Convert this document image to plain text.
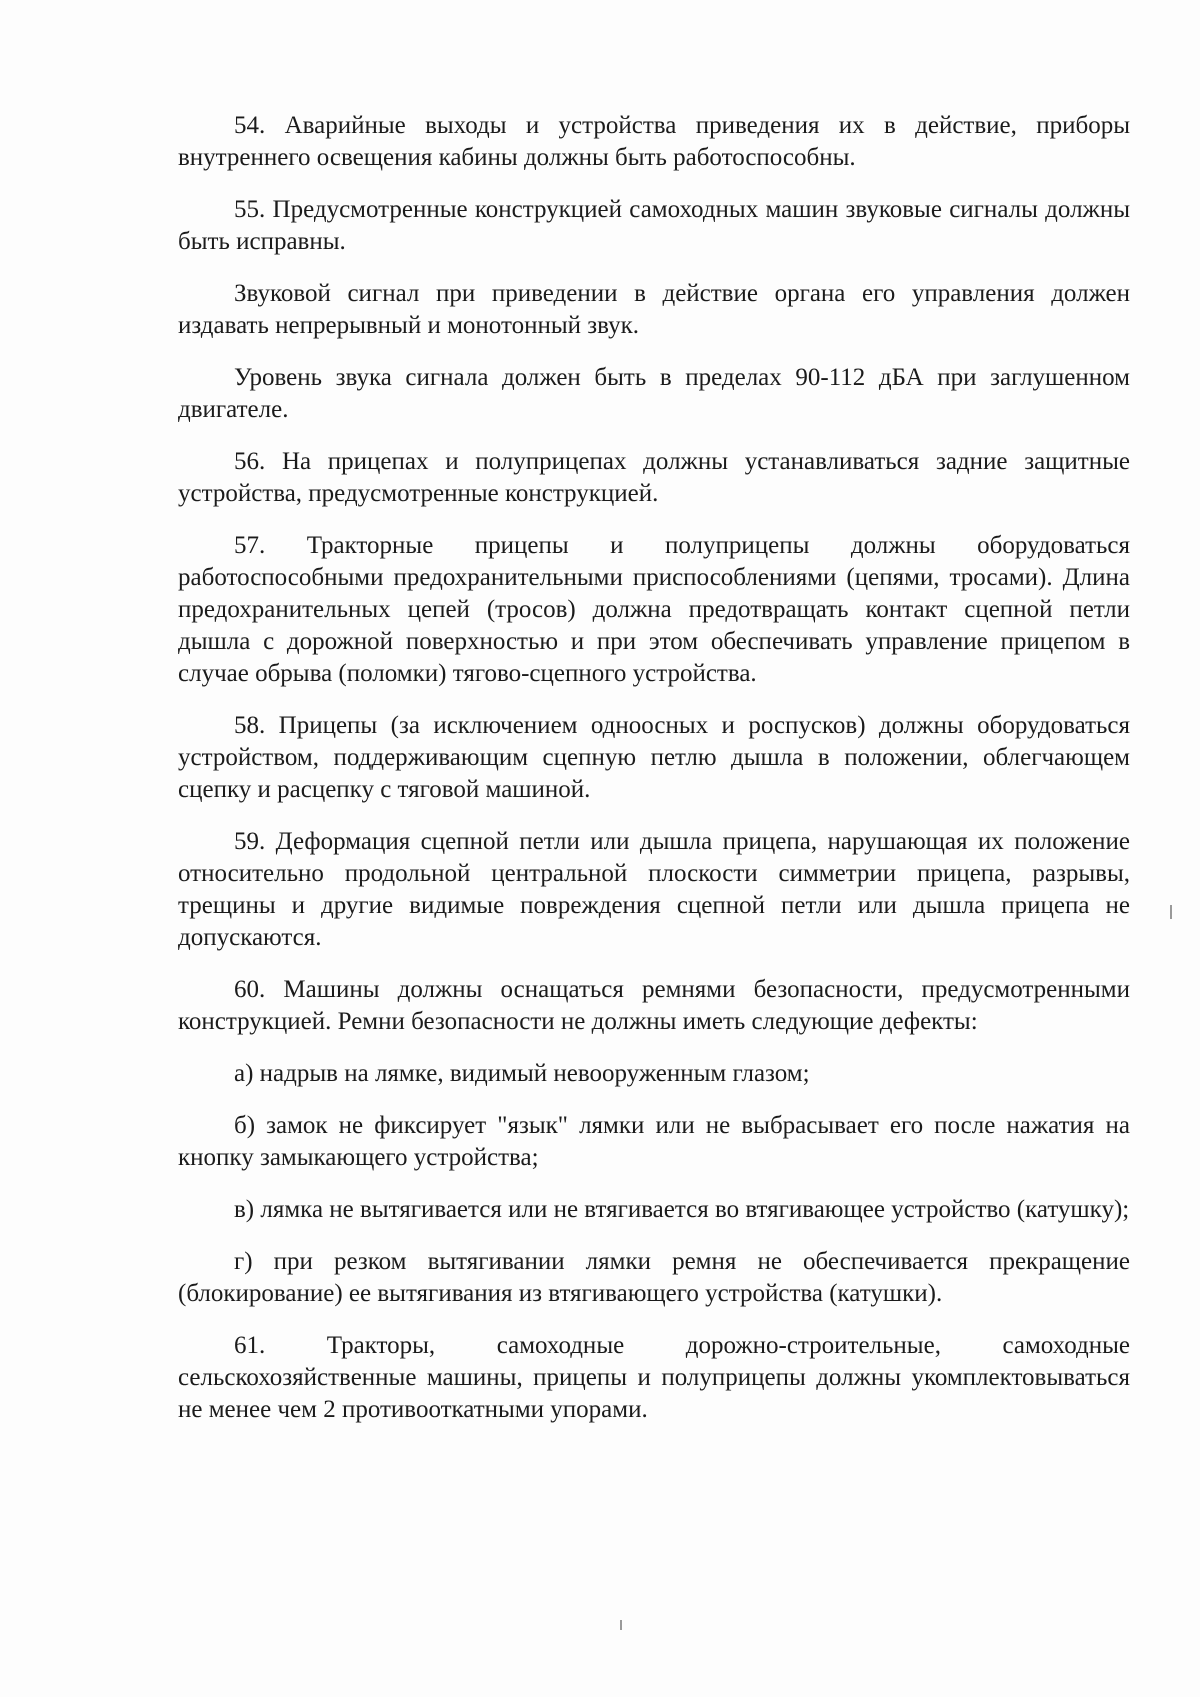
54. Аварийные выходы и устройства приведения их в действие, приборы внутреннего освещения кабины должны быть работоспособны.

55. Предусмотренные конструкцией самоходных машин звуковые сигналы должны быть исправны.

Звуковой сигнал при приведении в действие органа его управления должен издавать непрерывный и монотонный звук.

Уровень звука сигнала должен быть в пределах 90-112 дБА при заглушенном двигателе.

56. На прицепах и полуприцепах должны устанавливаться задние защитные устройства, предусмотренные конструкцией.

57. Тракторные прицепы и полуприцепы должны оборудоваться работоспособными предохранительными приспособлениями (цепями, тросами). Длина предохранительных цепей (тросов) должна предотвращать контакт сцепной петли дышла с дорожной поверхностью и при этом обеспечивать управление прицепом в случае обрыва (поломки) тягово-сцепного устройства.

58. Прицепы (за исключением одноосных и роспусков) должны оборудоваться устройством, поддерживающим сцепную петлю дышла в положении, облегчающем сцепку и расцепку с тяговой машиной.

59. Деформация сцепной петли или дышла прицепа, нарушающая их положение относительно продольной центральной плоскости симметрии прицепа, разрывы, трещины и другие видимые повреждения сцепной петли или дышла прицепа не допускаются.

60. Машины должны оснащаться ремнями безопасности, предусмотренными конструкцией. Ремни безопасности не должны иметь следующие дефекты:

а) надрыв на лямке, видимый невооруженным глазом;

б) замок не фиксирует "язык" лямки или не выбрасывает его после нажатия на кнопку замыкающего устройства;

в) лямка не вытягивается или не втягивается во втягивающее устройство (катушку);

г) при резком вытягивании лямки ремня не обеспечивается прекращение (блокирование) ее вытягивания из втягивающего устройства (катушки).

61. Тракторы, самоходные дорожно-строительные, самоходные сельскохозяйственные машины, прицепы и полуприцепы должны укомплектовываться не менее чем 2 противооткатными упорами.
